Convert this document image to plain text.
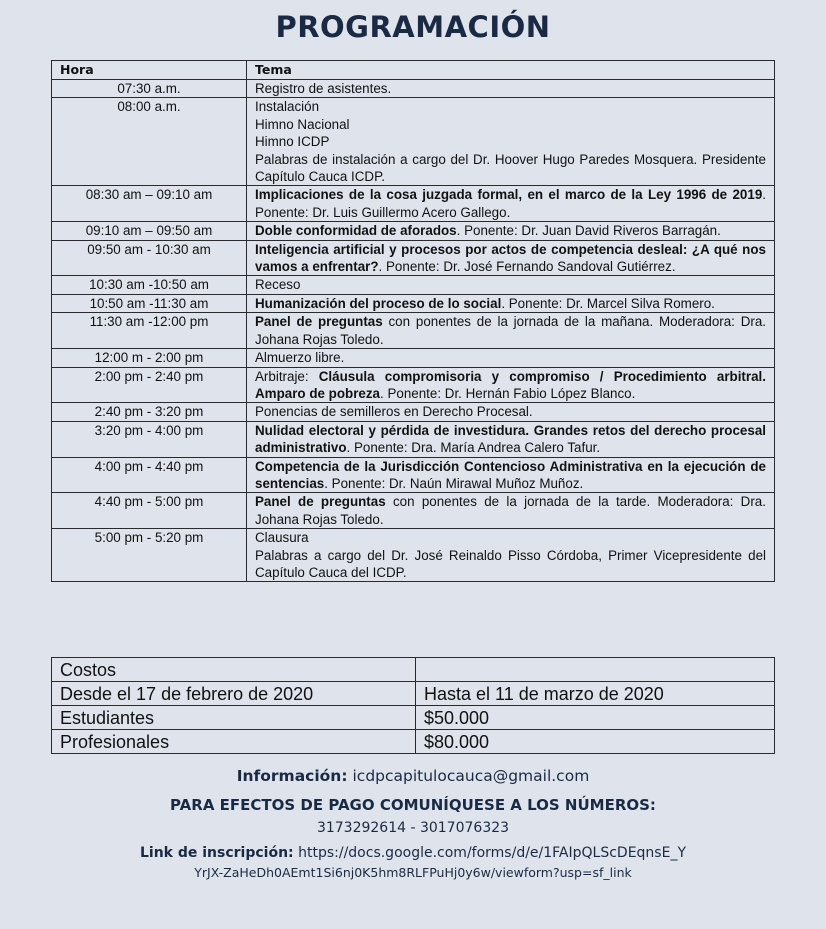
PROGRAMACIÓN
Hora	Tema
07:30 a.m.	Registro de asistentes.
08:00 a.m.	Instalación
Himno Nacional
Himno ICDP
Palabras de instalación a cargo del Dr. Hoover Hugo Paredes Mosquera. Presidente Capítulo Cauca ICDP.

08:30 am – 09:10 am	Implicaciones de la cosa juzgada formal, en el marco de la Ley 1996 de 2019. Ponente: Dr. Luis Guillermo Acero Gallego.
09:10 am – 09:50 am	Doble conformidad de aforados. Ponente: Dr. Juan David Riveros Barragán.
09:50 am - 10:30 am	Inteligencia artificial y procesos por actos de competencia desleal: ¿A qué nos vamos a enfrentar?. Ponente: Dr. José Fernando Sandoval Gutiérrez.
10:30 am -10:50 am	Receso
10:50 am -11:30 am	Humanización del proceso de lo social. Ponente: Dr. Marcel Silva Romero.
11:30 am -12:00 pm	Panel de preguntas con ponentes de la jornada de la mañana. Moderadora: Dra. Johana Rojas Toledo.
12:00 m - 2:00 pm	Almuerzo libre.
2:00 pm - 2:40 pm	Arbitraje: Cláusula compromisoria y compromiso / Procedimiento arbitral. Amparo de pobreza. Ponente: Dr. Hernán Fabio López Blanco.
2:40 pm - 3:20 pm	Ponencias de semilleros en Derecho Procesal.
3:20 pm - 4:00 pm	Nulidad electoral y pérdida de investidura. Grandes retos del derecho procesal administrativo. Ponente: Dra. María Andrea Calero Tafur.
4:00 pm - 4:40 pm	Competencia de la Jurisdicción Contencioso Administrativa en la ejecución de sentencias. Ponente: Dr. Naún Mirawal Muñoz Muñoz.
4:40 pm - 5:00 pm	Panel de preguntas con ponentes de la jornada de la tarde. Moderadora: Dra. Johana Rojas Toledo.
5:00 pm - 5:20 pm	Clausura
Palabras a cargo del Dr. José Reinaldo Pisso Córdoba, Primer Vicepresidente del Capítulo Cauca del ICDP.
Costos	
Desde el 17 de febrero de 2020	Hasta el 11 de marzo de 2020
Estudiantes	$50.000
Profesionales	$80.000
Información: icdpcapitulocauca@gmail.com
PARA EFECTOS DE PAGO COMUNÍQUESE A LOS NÚMEROS:
3173292614 - 3017076323
Link de inscripción: https://docs.google.com/forms/d/e/1FAIpQLScDEqnsE_Y
YrJX-ZaHeDh0AEmt1Si6nj0K5hm8RLFPuHj0y6w/viewform?usp=sf_link
